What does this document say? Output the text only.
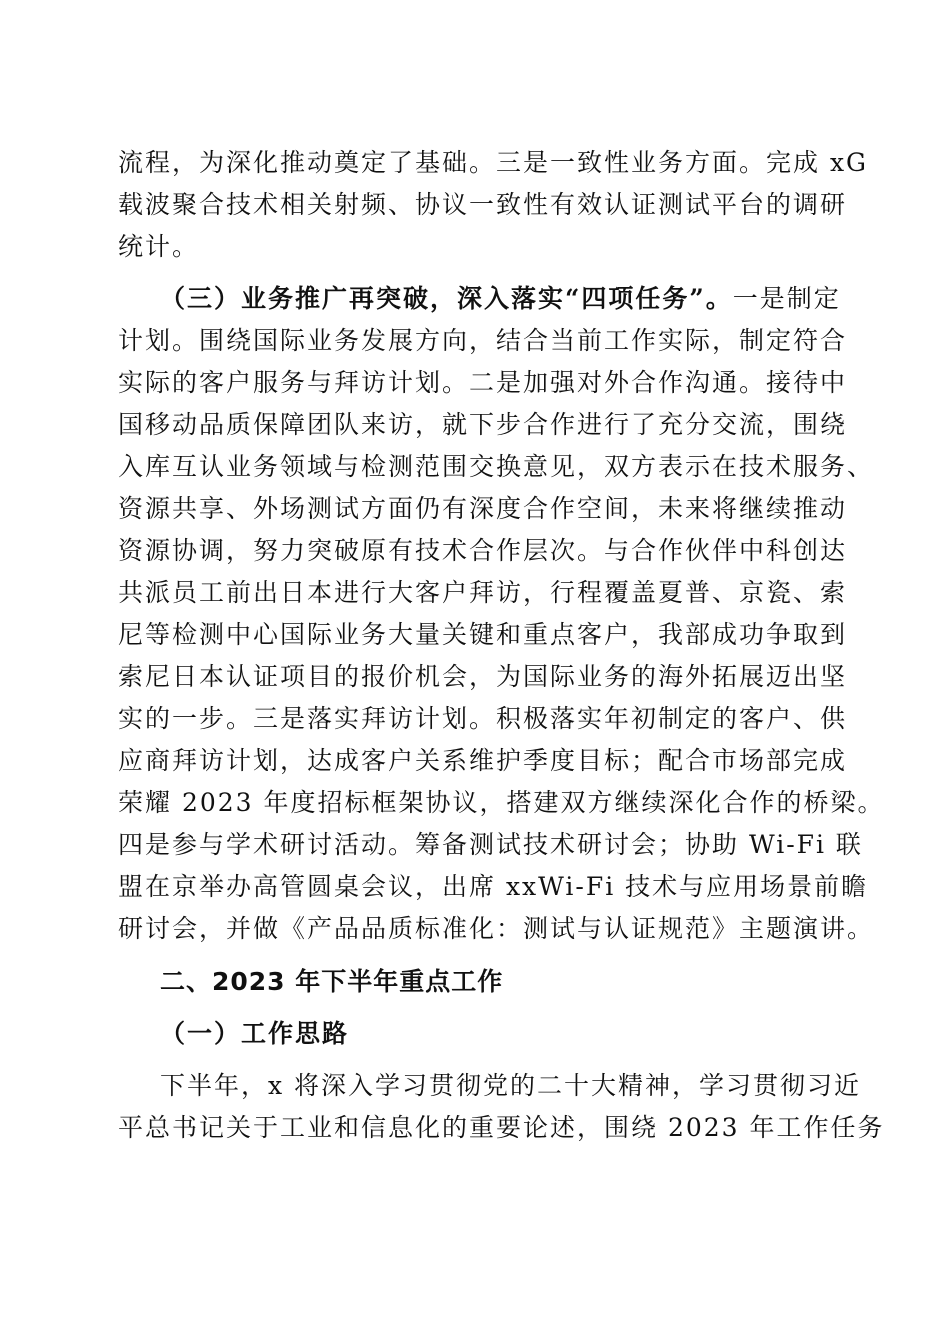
流程，为深化推动奠定了基础。三是一致性业务方面。完成 xG
载波聚合技术相关射频、协议一致性有效认证测试平台的调研
统计。
（三）业务推广再突破，深入落实“四项任务”。一是制定
计划。围绕国际业务发展方向，结合当前工作实际，制定符合
实际的客户服务与拜访计划。二是加强对外合作沟通。接待中
国移动品质保障团队来访，就下步合作进行了充分交流，围绕
入库互认业务领域与检测范围交换意见，双方表示在技术服务、
资源共享、外场测试方面仍有深度合作空间，未来将继续推动
资源协调，努力突破原有技术合作层次。与合作伙伴中科创达
共派员工前出日本进行大客户拜访，行程覆盖夏普、京瓷、索
尼等检测中心国际业务大量关键和重点客户，我部成功争取到
索尼日本认证项目的报价机会，为国际业务的海外拓展迈出坚
实的一步。三是落实拜访计划。积极落实年初制定的客户、供
应商拜访计划，达成客户关系维护季度目标；配合市场部完成
荣耀 2023 年度招标框架协议，搭建双方继续深化合作的桥梁。
四是参与学术研讨活动。筹备测试技术研讨会；协助 Wi-Fi 联
盟在京举办高管圆桌会议，出席 xxWi-Fi 技术与应用场景前瞻
研讨会，并做《产品品质标准化：测试与认证规范》主题演讲。
二、2023 年下半年重点工作
（一）工作思路
下半年，x 将深入学习贯彻党的二十大精神，学习贯彻习近
平总书记关于工业和信息化的重要论述，围绕 2023 年工作任务
